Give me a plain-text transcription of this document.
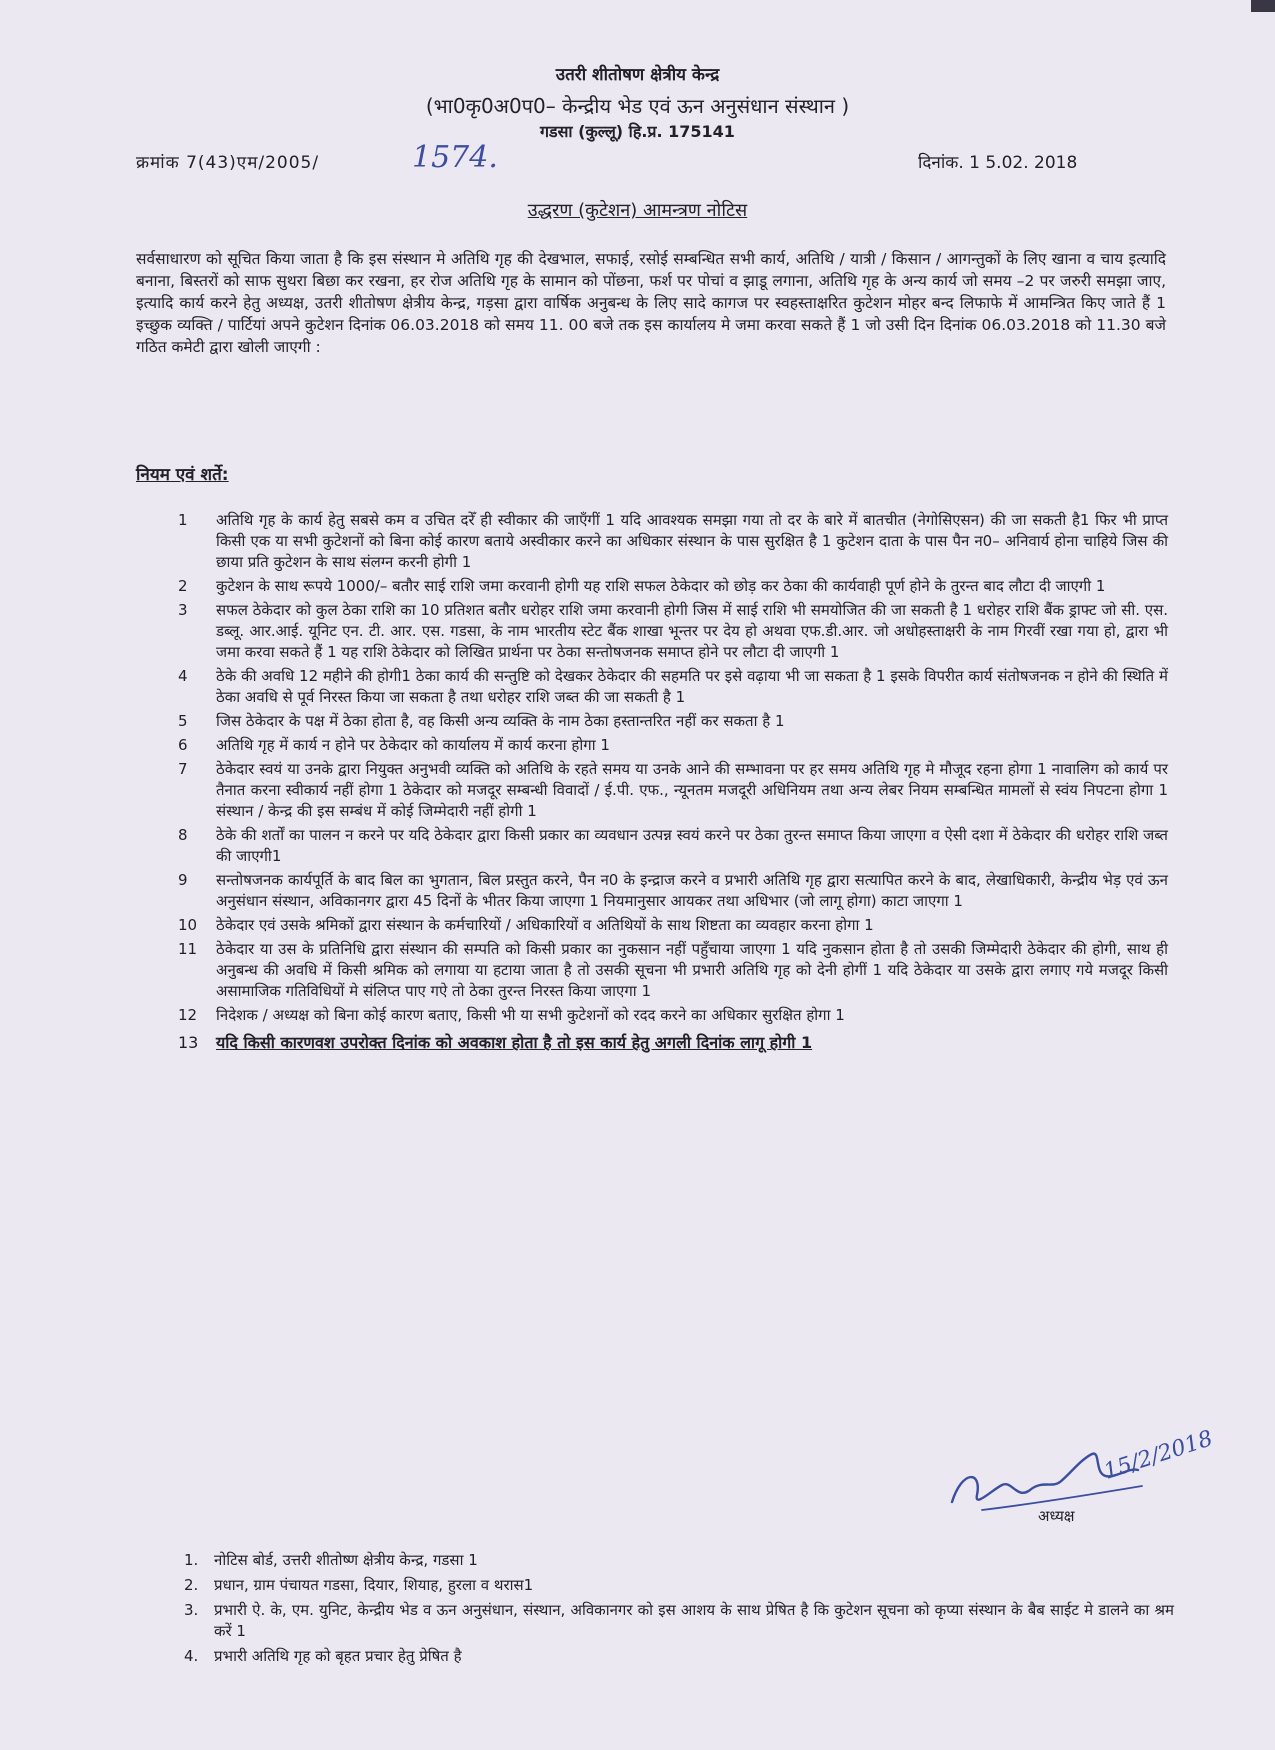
उतरी शीतोषण क्षेत्रीय केन्द्र
(भा0कृ0अ0प0– केन्द्रीय भेड एवं ऊन अनुसंधान संस्थान )
गडसा (कुल्लू) हि.प्र. 175141
क्रमांक 7(43)एम/2005/	1574.	दिनांक. 1 5.02. 2018
उद्धरण (कुटेशन) आमन्त्रण नोटिस
सर्वसाधारण को सूचित किया जाता है कि इस संस्थान मे अतिथि गृह की देखभाल, सफाई, रसोई सम्बन्धित सभी कार्य, अतिथि / यात्री / किसान / आगन्तुकों के लिए खाना व चाय इत्यादि बनाना, बिस्तरों को साफ सुथरा बिछा कर रखना, हर रोज अतिथि गृह के सामान को पोंछना, फर्श पर पोचां व झाडू लगाना, अतिथि गृह के अन्य कार्य जो समय –2 पर जरुरी समझा जाए, इत्यादि कार्य करने हेतु अध्यक्ष, उतरी शीतोषण क्षेत्रीय केन्द्र, गड़सा द्वारा वार्षिक अनुबन्ध के लिए सादे कागज पर स्वहस्ताक्षरित कुटेशन मोहर बन्द लिफाफे में आमन्त्रित किए जाते हैं 1 इच्छुक व्यक्ति / पार्टियां अपने कुटेशन दिनांक 06.03.2018 को समय 11. 00 बजे तक इस कार्यालय मे जमा करवा सकते हैं 1 जो उसी दिन दिनांक 06.03.2018 को 11.30 बजे गठित कमेटी द्वारा खोली जाएगी :
नियम एवं शर्ते:
1	अतिथि गृह के कार्य हेतु सबसे कम व उचित दरेँ ही स्वीकार की जाएँगीं 1 यदि आवश्यक समझा गया तो दर के बारे में बातचीत (नेगोसिएसन) की जा सकती है1 फिर भी प्राप्त किसी एक या सभी कुटेशनों को बिना कोई कारण बताये अस्वीकार करने का अधिकार संस्थान के पास सुरक्षित है 1 कुटेशन दाता के पास पैन न0– अनिवार्य होना चाहिये जिस की छाया प्रति कुटेशन के साथ संलग्न करनी होगी 1
2	कुटेशन के साथ रूपये 1000/– बतौर साई राशि जमा करवानी होगी यह राशि सफल ठेकेदार को छोड़ कर ठेका की कार्यवाही पूर्ण होने के तुरन्त बाद लौटा दी जाएगी 1
3	सफल ठेकेदार को कुल ठेका राशि का 10 प्रतिशत बतौर धरोहर राशि जमा करवानी होगी जिस में साई राशि भी समयोजित की जा सकती है 1 धरोहर राशि बैंक ड्राफ्ट जो सी. एस. डब्लू. आर.आई. यूनिट एन. टी. आर. एस. गडसा, के नाम भारतीय स्टेट बैंक शाखा भून्तर पर देय हो अथवा एफ.डी.आर. जो अधोहस्ताक्षरी के नाम गिरवीं रखा गया हो, द्वारा भी जमा करवा सकते हैं 1 यह राशि ठेकेदार को लिखित प्रार्थना पर ठेका सन्तोषजनक समाप्त होने पर लौटा दी जाएगी 1
4	ठेके की अवधि 12 महीने की होगी1 ठेका कार्य की सन्तुष्टि को देखकर ठेकेदार की सहमति पर इसे वढ़ाया भी जा सकता है 1 इसके विपरीत कार्य संतोषजनक न होने की स्थिति में ठेका अवधि से पूर्व निरस्त किया जा सकता है तथा धरोहर राशि जब्त की जा सकती है 1
5	जिस ठेकेदार के पक्ष में ठेका होता है, वह किसी अन्य व्यक्ति के नाम ठेका हस्तान्तरित नहीं कर सकता है 1
6	अतिथि गृह में कार्य न होने पर ठेकेदार को कार्यालय में कार्य करना होगा 1
7	ठेकेदार स्वयं या उनके द्वारा नियुक्त अनुभवी व्यक्ति को अतिथि के रहते समय या उनके आने की सम्भावना पर हर समय अतिथि गृह मे मौजूद रहना होगा 1 नावालिग को कार्य पर तैनात करना स्वीकार्य नहीं होगा 1 ठेकेदार को मजदूर सम्बन्धी विवादों / ई.पी. एफ., न्यूनतम मजदूरी अधिनियम तथा अन्य लेबर नियम सम्बन्धित मामलों से स्वंय निपटना होगा 1 संस्थान / केन्द्र की इस सम्बंध में कोई जिम्मेदारी नहीं होगी 1
8	ठेके की शर्तों का पालन न करने पर यदि ठेकेदार द्वारा किसी प्रकार का व्यवधान उत्पन्न स्वयं करने पर ठेका तुरन्त समाप्त किया जाएगा व ऐसी दशा में ठेकेदार की धरोहर राशि जब्त की जाएगी1
9	सन्तोषजनक कार्यपूर्ति के बाद बिल का भुगतान, बिल प्रस्तुत करने, पैन न0 के इन्द्राज करने व प्रभारी अतिथि गृह द्वारा सत्यापित करने के बाद, लेखाधिकारी, केन्द्रीय भेड़ एवं ऊन अनुसंधान संस्थान, अविकानगर द्वारा 45 दिनों के भीतर किया जाएगा 1 नियमानुसार आयकर तथा अधिभार (जो लागू होगा) काटा जाएगा 1
10	ठेकेदार एवं उसके श्रमिकों द्वारा संस्थान के कर्मचारियों / अधिकारियों व अतिथियों के साथ शिष्टता का व्यवहार करना होगा 1
11	ठेकेदार या उस के प्रतिनिधि द्वारा संस्थान की सम्पति को किसी प्रकार का नुकसान नहीं पहुँचाया जाएगा 1 यदि नुकसान होता है तो उसकी जिम्मेदारी ठेकेदार की होगी, साथ ही अनुबन्ध की अवधि में किसी श्रमिक को लगाया या हटाया जाता है तो उसकी सूचना भी प्रभारी अतिथि गृह को देनी होगीं 1 यदि ठेकेदार या उसके द्वारा लगाए गये मजदूर किसी असामाजिक गतिविधियों मे संलिप्त पाए गऐ तो ठेका तुरन्त निरस्त किया जाएगा 1
12	निदेशक / अध्यक्ष को बिना कोई कारण बताए, किसी भी या सभी कुटेशनों को रदद करने का अधिकार सुरक्षित होगा 1
13	यदि किसी कारणवश उपरोक्त दिनांक को अवकाश होता है तो इस कार्य हेतु अगली दिनांक लागू होगी 1
15/2/2018
अध्यक्ष
1.	नोटिस बोर्ड, उत्तरी शीतोष्ण क्षेत्रीय केन्द्र, गडसा 1
2.	प्रधान, ग्राम पंचायत गडसा, दियार, शियाह, हुरला व थरास1
3.	प्रभारी ऐ. के, एम. युनिट, केन्द्रीय भेड व ऊन अनुसंधान, संस्थान, अविकानगर को इस आशय के साथ प्रेषित है कि कुटेशन सूचना को कृप्या संस्थान के बैब साईट मे डालने का श्रम करें 1
4.	प्रभारी अतिथि गृह को बृहत प्रचार हेतु प्रेषित है
